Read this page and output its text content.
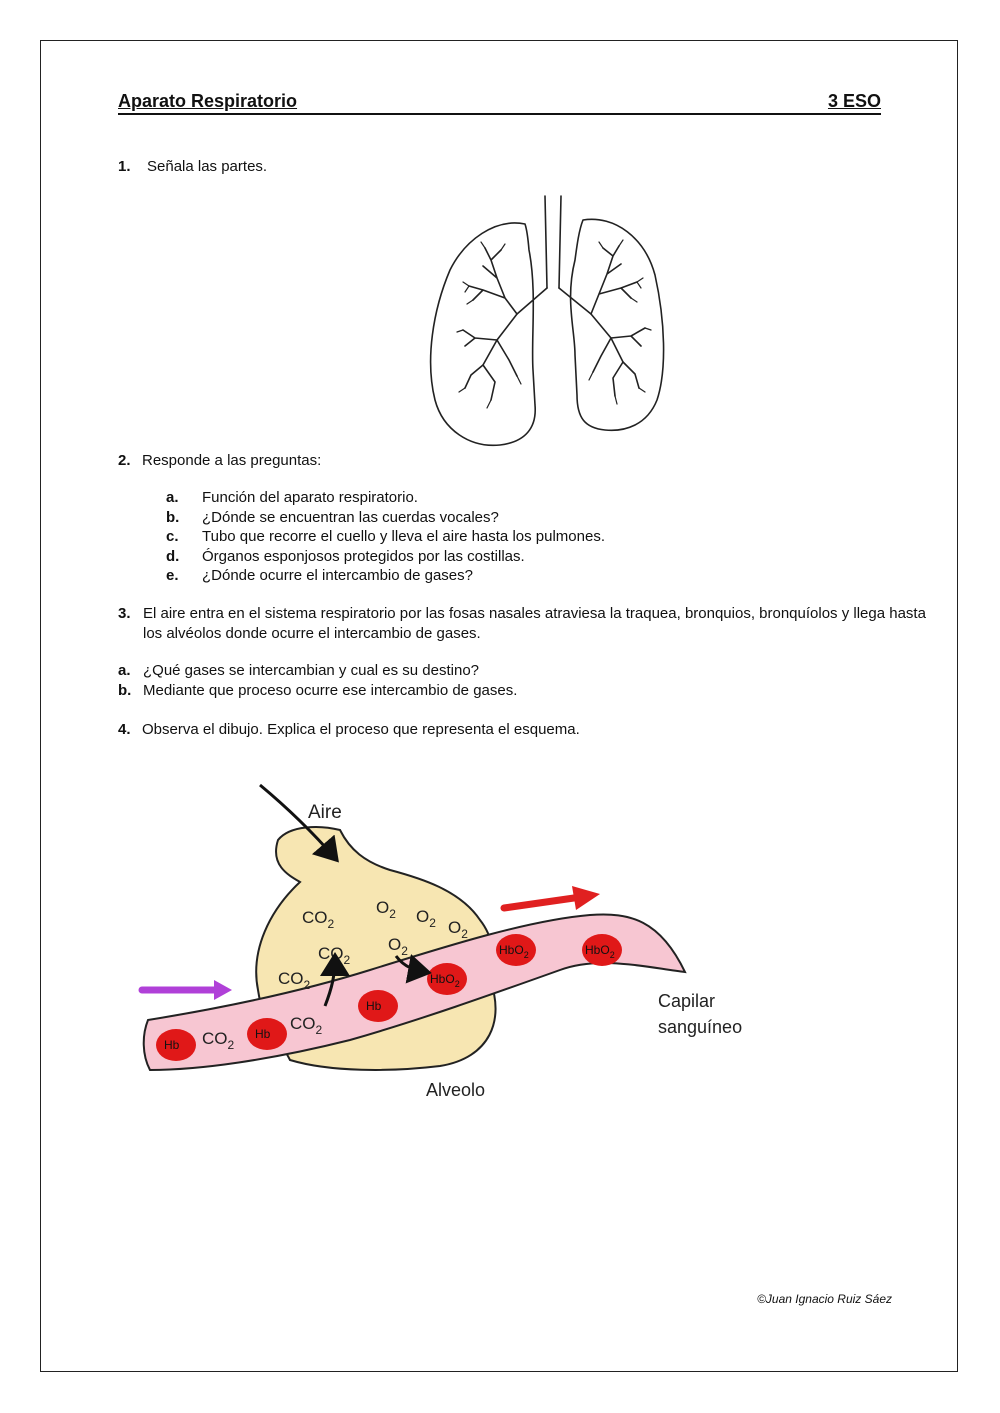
Aparato Respiratorio	3 ESO
1. Señala las partes.
2. Responde a las preguntas:
a. Función del aparato respiratorio.
b. ¿Dónde se encuentran las cuerdas vocales?
c. Tubo que recorre el cuello y lleva el aire hasta los pulmones.
d. Órganos esponjosos protegidos por las costillas.
e. ¿Dónde ocurre el intercambio de gases?
3. El aire entra en el sistema respiratorio por las fosas nasales atraviesa la traquea, bronquios, bronquíolos y llega hasta los alvéolos donde ocurre el intercambio de gases.
a. ¿Qué gases se intercambian y cual es su destino?
b. Mediante que proceso ocurre ese intercambio de gases.
4. Observa el dibujo. Explica el proceso que representa el esquema.
Aire
Hb
Hb
Hb
HbO$_2$
HbO$_2$	HbO$_2$
$CO_2$
$CO_2$
$CO_2$
$CO_2$
$CO_2$
$O_2$ $O_2$ $O_2$
$O_2$
Capilar
sanguíneo
Alveolo
©Juan Ignacio Ruiz Sáez
